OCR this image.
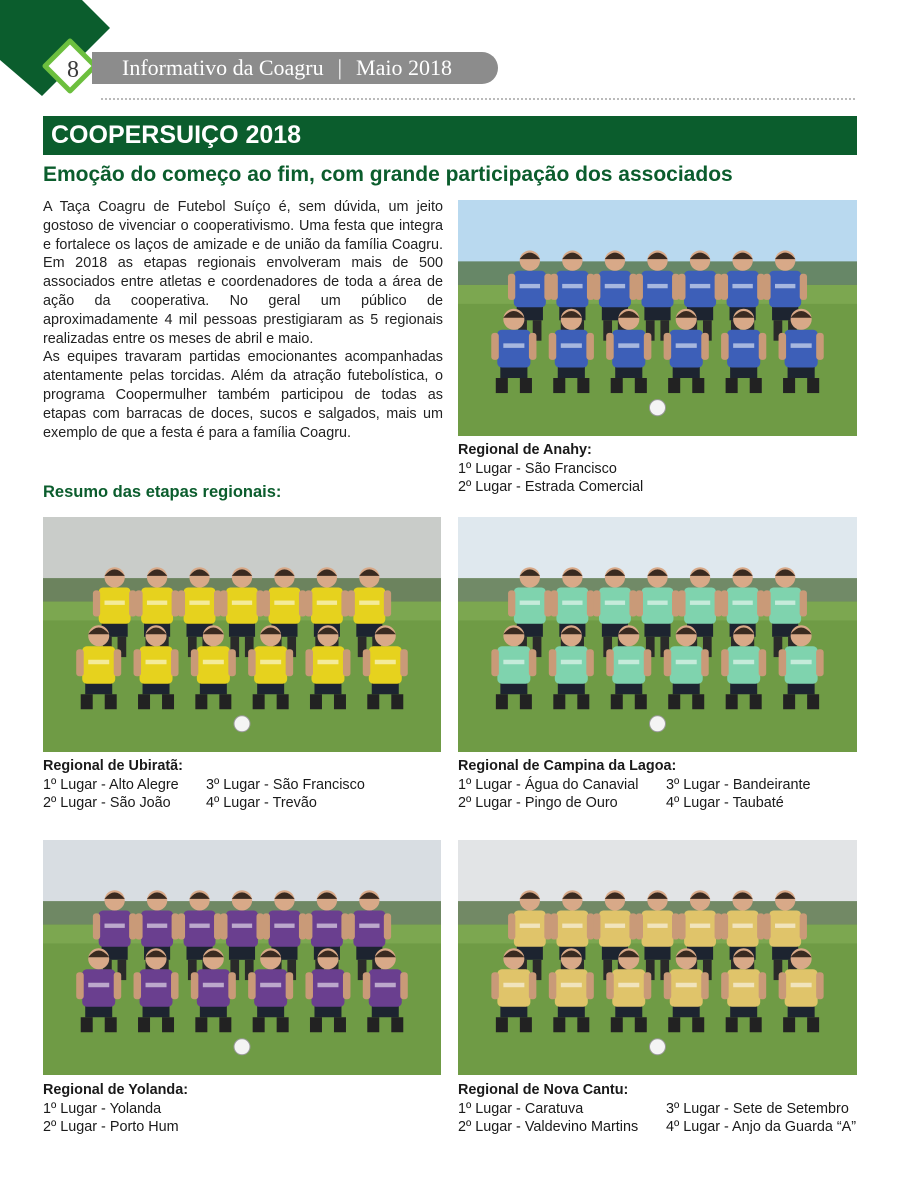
Informativo da Coagru | Maio 2018
8
COOPERSUIÇO 2018
Emoção do começo ao fim, com grande participação dos associados

A Taça Coagru de Futebol Suíço é, sem dúvida, um jeito gostoso de vivenciar o cooperativismo. Uma festa que integra e fortalece os laços de amizade e de união da família Coagru. Em 2018 as etapas regionais envolveram mais de 500 associados entre atletas e coordenadores de toda a área de ação da cooperativa. No geral um público de aproximadamente 4 mil pessoas prestigiaram as 5 regionais realizadas entre os meses de abril e maio.

As equipes travaram partidas emocionantes acompanhadas atentamente pelas torcidas. Além da atração futebolística, o programa Coopermulher também participou de todas as etapas com barracas de doces, sucos e salgados, mais um exemplo de que a festa é para a família Coagru.

Resumo das etapas regionais:
Regional de Anahy:
1º Lugar - São Francisco
2º Lugar - Estrada Comercial
Regional de Ubiratã:
1º Lugar - Alto Alegre	3º Lugar - São Francisco
2º Lugar - São João	4º Lugar - Trevão
Regional de Campina da Lagoa:
1º Lugar - Água do Canavial	3º Lugar - Bandeirante
2º Lugar - Pingo de Ouro	4º Lugar - Taubaté
Regional de Yolanda:
1º Lugar - Yolanda
2º Lugar - Porto Hum
Regional de Nova Cantu:
1º Lugar - Caratuva	3º Lugar - Sete de Setembro
2º Lugar - Valdevino Martins	4º Lugar - Anjo da Guarda “A”
